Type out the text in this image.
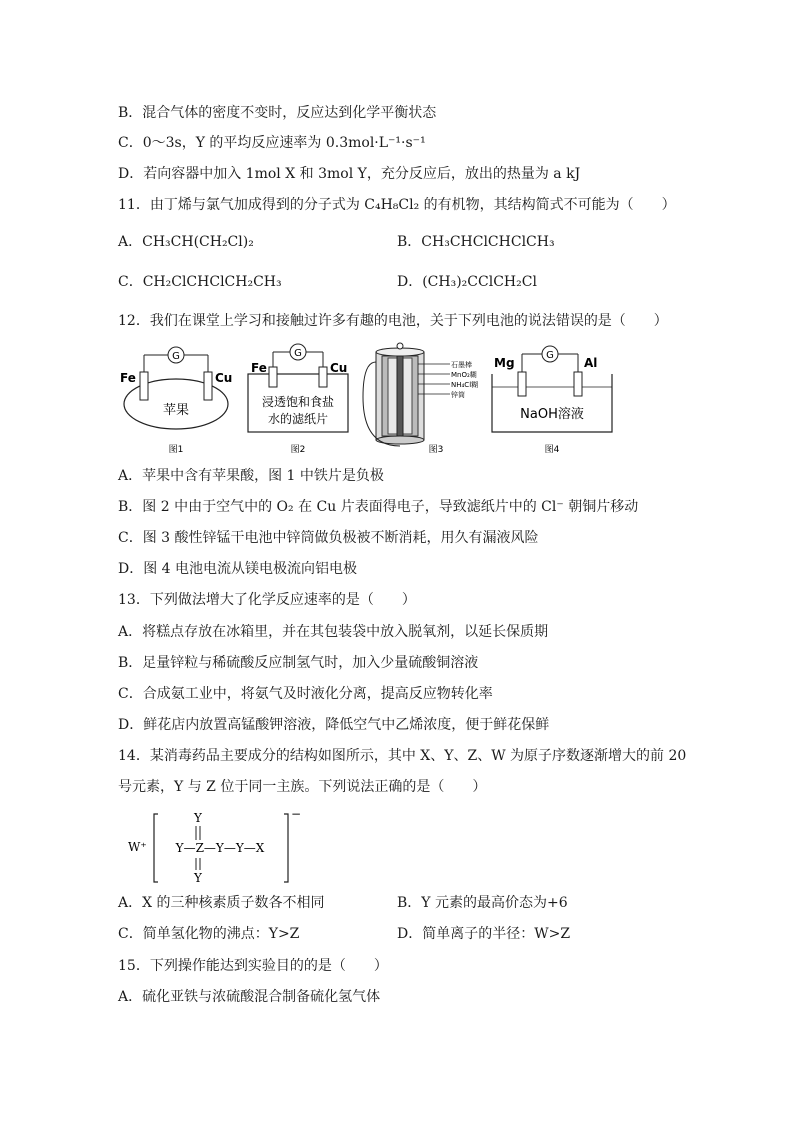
B．混合气体的密度不变时，反应达到化学平衡状态
C．0～3s，Y 的平均反应速率为 0.3mol·L⁻¹·s⁻¹
D．若向容器中加入 1mol X 和 3mol Y，充分反应后，放出的热量为 a kJ
11．由丁烯与氯气加成得到的分子式为 C₄H₈Cl₂ 的有机物，其结构简式不可能为（　　）
A．CH₃CH(CH₂Cl)₂	B．CH₃CHClCHClCH₃
C．CH₂ClCHClCH₂CH₃	D．(CH₃)₂CClCH₂Cl
12．我们在课堂上学习和接触过许多有趣的电池，关于下列电池的说法错误的是（　　）
G
Fe	Cu
苹果
图1
G
Fe	Cu
浸透饱和食盐
水的滤纸片
图2
石墨棒
MnO₂糊
NH₄Cl糊
锌筒
图3
G
Mg	Al
NaOH溶液
图4
A．苹果中含有苹果酸，图 1 中铁片是负极
B．图 2 中由于空气中的 O₂ 在 Cu 片表面得电子，导致滤纸片中的 Cl⁻ 朝铜片移动
C．图 3 酸性锌锰干电池中锌筒做负极被不断消耗，用久有漏液风险
D．图 4 电池电流从镁电极流向铝电极
13．下列做法增大了化学反应速率的是（　　）
A．将糕点存放在冰箱里，并在其包装袋中放入脱氧剂，以延长保质期
B．足量锌粒与稀硫酸反应制氢气时，加入少量硫酸铜溶液
C．合成氨工业中，将氨气及时液化分离，提高反应物转化率
D．鲜花店内放置高锰酸钾溶液，降低空气中乙烯浓度，便于鲜花保鲜
14．某消毒药品主要成分的结构如图所示，其中 X、Y、Z、W 为原子序数逐渐增大的前 20
号元素，Y 与 Z 位于同一主族。下列说法正确的是（　　）
W⁺
−
Y
Y—Z—Y—Y—X
Y
A．X 的三种核素质子数各不相同	B．Y 元素的最高价态为+6
C．简单氢化物的沸点：Y>Z	D．简单离子的半径：W>Z
15．下列操作能达到实验目的的是（　　）
A．硫化亚铁与浓硫酸混合制备硫化氢气体
